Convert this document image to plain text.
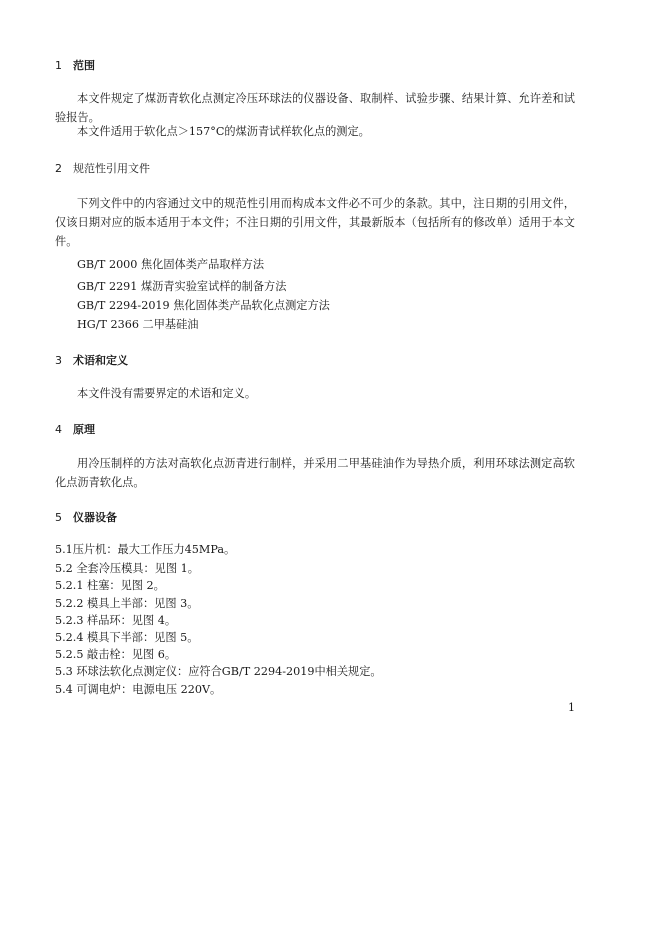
1 范围
本文件规定了煤沥青软化点测定冷压环球法的仪器设备、取制样、试验步骤、结果计算、允许差和试验报告。
本文件适用于软化点＞157°C的煤沥青试样软化点的测定。
2 规范性引用文件
下列文件中的内容通过文中的规范性引用而构成本文件必不可少的条款。其中，注日期的引用文件，仅该日期对应的版本适用于本文件；不注日期的引用文件，其最新版本（包括所有的修改单）适用于本文件。
GB/T 2000 焦化固体类产品取样方法
GB/T 2291 煤沥青实验室试样的制备方法
GB/T 2294-2019 焦化固体类产品软化点测定方法
HG/T 2366 二甲基硅油
3 术语和定义
本文件没有需要界定的术语和定义。
4 原理
用冷压制样的方法对高软化点沥青进行制样，并采用二甲基硅油作为导热介质，利用环球法测定高软化点沥青软化点。
5 仪器设备
5.1压片机：最大工作压力45MPa。
5.2 全套冷压模具：见图 1。
5.2.1 柱塞：见图 2。
5.2.2 模具上半部：见图 3。
5.2.3 样品环：见图 4。
5.2.4 模具下半部：见图 5。
5.2.5 敲击栓：见图 6。
5.3 环球法软化点测定仪：应符合GB/T 2294-2019中相关规定。
5.4 可调电炉：电源电压 220V。
1
